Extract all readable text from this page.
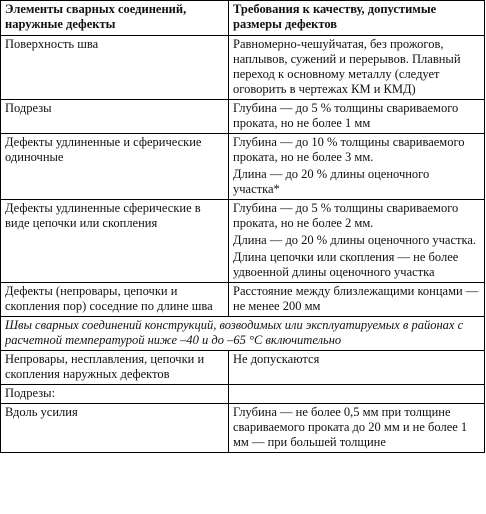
Элементы сварных соединений, наружные дефекты	Требования к качеству, допустимые размеры дефектов
Поверхность шва	Равномерно-чешуйчатая, без прожогов, наплывов, сужений и перерывов. Плавный переход к основному металлу (следует оговорить в чертежах КМ и КМД)

Подрезы	Глубина — до 5 % толщины свариваемого проката, но не более 1 мм

Дефекты удлиненные и сферические одиночные	Глубина — до 10 % толщины свариваемого проката, но не более 3 мм.
Длина — до 20 % длины оценочного участка*

Дефекты удлиненные сферические в виде цепочки или скопления	Глубина — до 5 % толщины свариваемого проката, но не более 2 мм.
Длина — до 20 % длины оценочного участка.
Длина цепочки или скопления — не более удвоенной длины оценочного участка

Дефекты (непровары, цепочки и скопления пор) соседние по длине шва	Расстояние между близлежащими концами — не менее 200 мм

Швы сварных соединений конструкций, возводимых или эксплуатируемых в районах с расчетной температурой ниже –40 и до –65 °С включительно	
Непровары, несплавления, цепочки и скопления наружных дефектов	Не допускаются
Подрезы:	
Вдоль усилия	Глубина — не более 0,5 мм при толщине свариваемого проката до 20 мм и не более 1 мм — при большей толщине
